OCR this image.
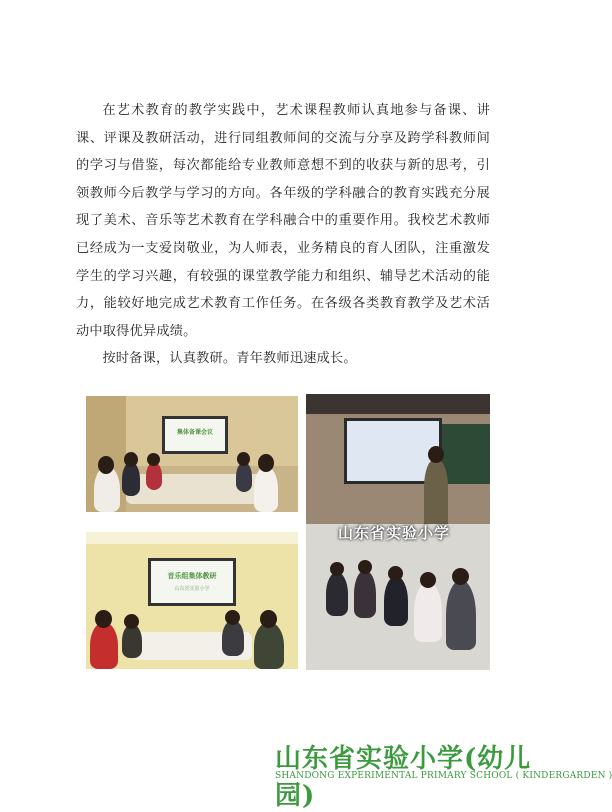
在艺术教育的教学实践中，艺术课程教师认真地参与备课、讲课、评课及教研活动，进行同组教师间的交流与分享及跨学科教师间的学习与借鉴，每次都能给专业教师意想不到的收获与新的思考，引领教师今后教学与学习的方向。各年级的学科融合的教育实践充分展现了美术、音乐等艺术教育在学科融合中的重要作用。我校艺术教师已经成为一支爱岗敬业，为人师表，业务精良的育人团队，注重激发学生的学习兴趣，有较强的课堂教学能力和组织、辅导艺术活动的能力，能较好地完成艺术教育工作任务。在各级各类教育教学及艺术活动中取得优异成绩。

按时备课，认真教研。青年教师迅速成长。

集体备课会议
山东省实验小学
音乐组集体教研
山东省实验小学
山东省实验小学(幼儿园)
SHANDONG EXPERIMENTAL PRIMARY SCHOOL ( KINDERGARDEN )
